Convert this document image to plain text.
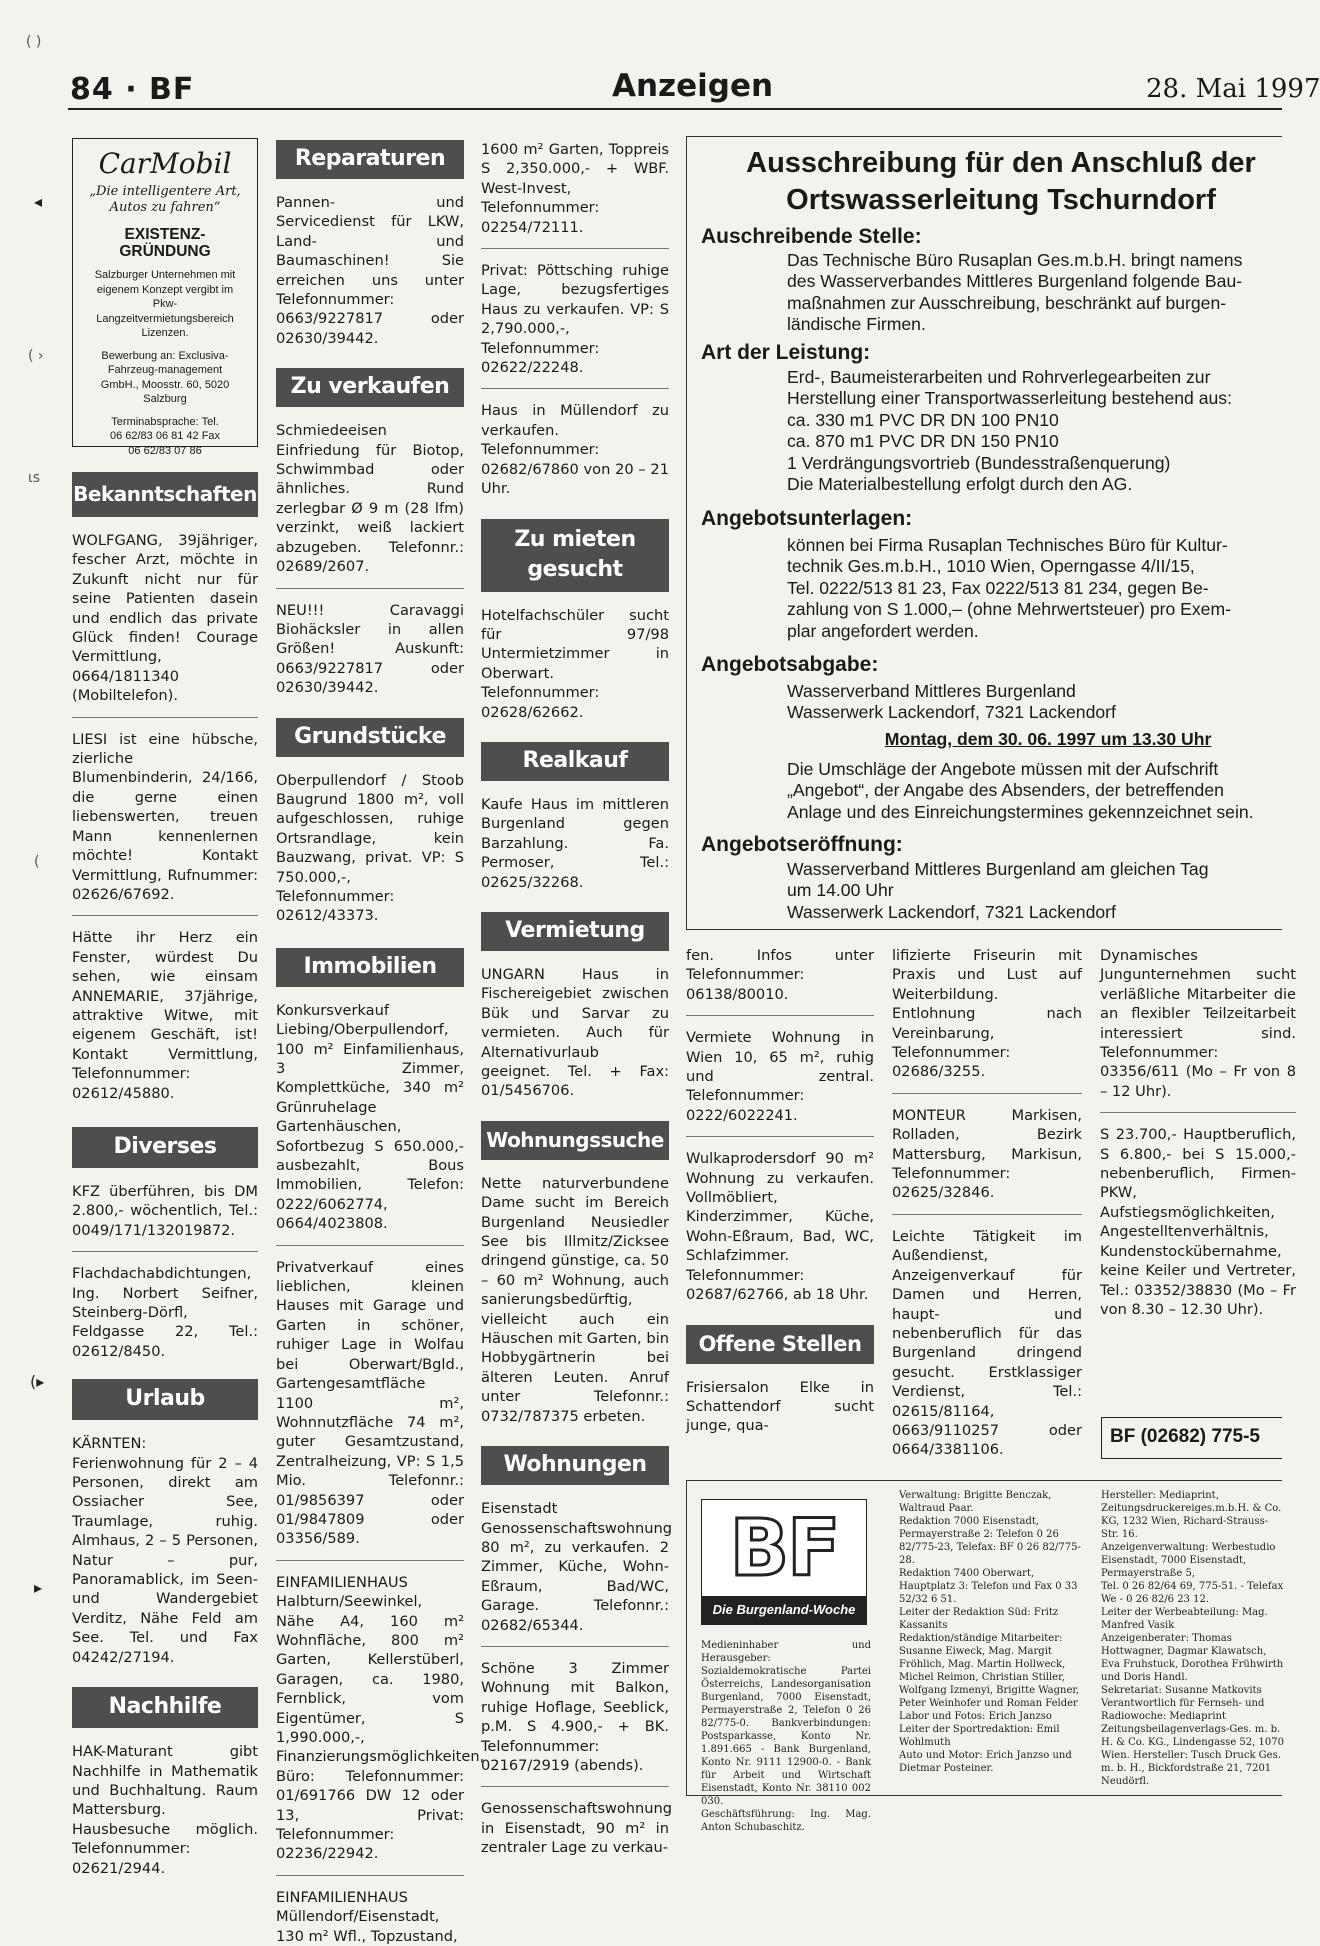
( )
◂
( ›
ιs
(
(▸
▸
84 · BF	Anzeigen	28. Mai 1997
CarMobil
„Die intelligentere Art, Autos zu fahren“
EXISTENZ-GRÜNDUNG
Salzburger Unternehmen mit eigenem Konzept vergibt im Pkw-Langzeitvermietungsbereich Lizenzen.
Bewerbung an: Exclusiva-Fahrzeug-management GmbH., Moosstr. 60, 5020 Salzburg
Terminabsprache: Tel. 06 62/83 06 81 42 Fax 06 62/83 07 86
Bekanntschaften

WOLFGANG, 39jähriger, fescher Arzt, möchte in Zukunft nicht nur für seine Patienten dasein und endlich das private Glück finden! Courage Vermittlung, 0664/1811340 (Mobiltelefon).

LIESI ist eine hübsche, zierliche Blumenbinderin, 24/166, die gerne einen liebenswerten, treuen Mann kennenlernen möchte! Kontakt Vermittlung, Rufnummer: 02626/67692.

Hätte ihr Herz ein Fenster, würdest Du sehen, wie einsam ANNEMARIE, 37jährige, attraktive Witwe, mit eigenem Geschäft, ist! Kontakt Vermittlung, Telefonnummer: 02612/45880.

Diverses

KFZ überführen, bis DM 2.800,- wöchentlich, Tel.: 0049/171/132019872.

Flachdachabdichtungen, Ing. Norbert Seifner, Steinberg-Dörfl, Feldgasse 22, Tel.: 02612/8450.

Urlaub

KÄRNTEN: Ferienwohnung für 2 – 4 Personen, direkt am Ossiacher See, Traumlage, ruhig. Almhaus, 2 – 5 Personen, Natur – pur, Panoramablick, im Seen- und Wandergebiet Verditz, Nähe Feld am See. Tel. und Fax 04242/27194.

Nachhilfe

HAK-Maturant gibt Nachhilfe in Mathematik und Buchhaltung. Raum Mattersburg. Hausbesuche möglich. Telefonnummer: 02621/2944.

Reparaturen

Pannen- und Servicedienst für LKW, Land- und Baumaschinen! Sie erreichen uns unter Telefonnummer: 0663/9227817 oder 02630/39442.

Zu verkaufen

Schmiedeeisen Einfriedung für Biotop, Schwimmbad oder ähnliches. Rund zerlegbar Ø 9 m (28 lfm) verzinkt, weiß lackiert abzugeben. Telefonnr.: 02689/2607.

NEU!!! Caravaggi Biohäcksler in allen Größen! Auskunft: 0663/9227817 oder 02630/39442.

Grundstücke

Oberpullendorf / Stoob Baugrund 1800 m², voll aufgeschlossen, ruhige Ortsrandlage, kein Bauzwang, privat. VP: S 750.000,-, Telefonnummer: 02612/43373.

Immobilien

Konkursverkauf Liebing/Oberpullendorf, 100 m² Einfamilienhaus, 3 Zimmer, Komplettküche, 340 m² Grünruhelage Gartenhäuschen, Sofortbezug S 650.000,- ausbezahlt, Bous Immobilien, Telefon: 0222/6062774, 0664/4023808.

Privatverkauf eines lieblichen, kleinen Hauses mit Garage und Garten in schöner, ruhiger Lage in Wolfau bei Oberwart/Bgld., Gartengesamtfläche 1100 m², Wohnnutzfläche 74 m², guter Gesamtzustand, Zentralheizung, VP: S 1,5 Mio. Telefonnr.: 01/9856397 oder 01/9847809 oder 03356/589.

EINFAMILIENHAUS Halbturn/Seewinkel, Nähe A4, 160 m² Wohnfläche, 800 m² Garten, Kellerstüberl, Garagen, ca. 1980, Fernblick, vom Eigentümer, S 1,990.000,-, Finanzierungsmöglichkeiten, Büro: Telefonnummer: 01/691766 DW 12 oder 13, Privat: Telefonnummer: 02236/22942.

EINFAMILIENHAUS Müllendorf/Eisenstadt, 130 m² Wfl., Topzustand,

1600 m² Garten, Toppreis S 2,350.000,- + WBF. West-Invest, Telefonnummer: 02254/72111.

Privat: Pöttsching ruhige Lage, bezugsfertiges Haus zu verkaufen. VP: S 2,790.000,-, Telefonnummer: 02622/22248.

Haus in Müllendorf zu verkaufen. Telefonnummer: 02682/67860 von 20 – 21 Uhr.

Zu mieten
gesucht

Hotelfachschüler sucht für 97/98 Untermietzimmer in Oberwart. Telefonnummer: 02628/62662.

Realkauf

Kaufe Haus im mittleren Burgenland gegen Barzahlung. Fa. Permoser, Tel.: 02625/32268.

Vermietung

UNGARN Haus in Fischereigebiet zwischen Bük und Sarvar zu vermieten. Auch für Alternativurlaub geeignet. Tel. + Fax: 01/5456706.

Wohnungssuche

Nette naturverbundene Dame sucht im Bereich Burgenland Neusiedler See bis Illmitz/Zicksee dringend günstige, ca. 50 – 60 m² Wohnung, auch sanierungsbedürftig, vielleicht auch ein Häuschen mit Garten, bin Hobbygärtnerin bei älteren Leuten. Anruf unter Telefonnr.: 0732/787375 erbeten.

Wohnungen

Eisenstadt Genossenschaftswohnung 80 m², zu verkaufen. 2 Zimmer, Küche, Wohn-Eßraum, Bad/WC, Garage. Telefonnr.: 02682/65344.

Schöne 3 Zimmer Wohnung mit Balkon, ruhige Hoflage, Seeblick, p.M. S 4.900,- + BK. Telefonnummer: 02167/2919 (abends).

Genossenschaftswohnung in Eisenstadt, 90 m² in zentraler Lage zu verkau-

Ausschreibung für den Anschluß der
Ortswasserleitung Tschurndorf
Auschreibende Stelle:
Das Technische Büro Rusaplan Ges.m.b.H. bringt namens
des Wasserverbandes Mittleres Burgenland folgende Bau-
maßnahmen zur Ausschreibung, beschränkt auf burgen-
ländische Firmen.
Art der Leistung:
Erd-, Baumeisterarbeiten und Rohrverlegearbeiten zur
Herstellung einer Transportwasserleitung bestehend aus:
ca. 330 m1 PVC DR DN 100 PN10
ca. 870 m1 PVC DR DN 150 PN10
1 Verdrängungsvortrieb (Bundesstraßenquerung)
Die Materialbestellung erfolgt durch den AG.
Angebotsunterlagen:
können bei Firma Rusaplan Technisches Büro für Kultur-
technik Ges.m.b.H., 1010 Wien, Operngasse 4/II/15,
Tel. 0222/513 81 23, Fax 0222/513 81 234, gegen Be-
zahlung von S 1.000,– (ohne Mehrwertsteuer) pro Exem-
plar angefordert werden.
Angebotsabgabe:
Wasserverband Mittleres Burgenland
Wasserwerk Lackendorf, 7321 Lackendorf
Montag, dem 30. 06. 1997 um 13.30 Uhr
Die Umschläge der Angebote müssen mit der Aufschrift
„Angebot“, der Angabe des Absenders, der betreffenden
Anlage und des Einreichungstermines gekennzeichnet sein.
Angebotseröffnung:
Wasserverband Mittleres Burgenland am gleichen Tag
um 14.00 Uhr
Wasserwerk Lackendorf, 7321 Lackendorf

fen. Infos unter Telefonnummer: 06138/80010.

Vermiete Wohnung in Wien 10, 65 m², ruhig und zentral. Telefonnummer: 0222/6022241.

Wulkaprodersdorf 90 m² Wohnung zu verkaufen. Vollmöbliert, Kinderzimmer, Küche, Wohn-Eßraum, Bad, WC, Schlafzimmer. Telefonnummer: 02687/62766, ab 18 Uhr.

Offene Stellen

Frisiersalon Elke in Schattendorf sucht junge, qua-

lifizierte Friseurin mit Praxis und Lust auf Weiterbildung. Entlohnung nach Vereinbarung, Telefonnummer: 02686/3255.

MONTEUR Markisen, Rolladen, Bezirk Mattersburg, Markisun, Telefonnummer: 02625/32846.

Leichte Tätigkeit im Außendienst, Anzeigenverkauf für Damen und Herren, haupt- und nebenberuflich für das Burgenland dringend gesucht. Erstklassiger Verdienst, Tel.: 02615/81164, 0663/9110257 oder 0664/3381106.

Dynamisches Jungunternehmen sucht verläßliche Mitarbeiter die an flexibler Teilzeitarbeit interessiert sind. Telefonnummer: 03356/611 (Mo – Fr von 8 – 12 Uhr).

S 23.700,- Hauptberuflich, S 6.800,- bei S 15.000,- nebenberuflich, Firmen-PKW, Aufstiegsmöglichkeiten, Angestelltenverhältnis, Kundenstockübernahme, keine Keiler und Vertreter, Tel.: 03352/38830 (Mo – Fr von 8.30 – 12.30 Uhr).

BF (02682) 775-5
BF
Die Burgenland-Woche
Medieninhaber und Herausgeber: Sozialdemokratische Partei Österreichs, Landesorganisation Burgenland, 7000 Eisenstadt, Permayerstraße 2, Telefon 0 26 82/775-0. Bankverbindungen: Postsparkasse, Konto Nr. 1.891.665 - Bank Burgenland, Konto Nr. 9111 12900-0. - Bank für Arbeit und Wirtschaft Eisenstadt, Konto Nr. 38110 002 030.
Geschäftsführung: Ing. Mag. Anton Schubaschitz.
Verwaltung: Brigitte Benczak, Waltraud Paar.
Redaktion 7000 Eisenstadt, Permayerstraße 2: Telefon 0 26 82/775-23, Telefax: BF 0 26 82/775-28.
Redaktion 7400 Oberwart, Hauptplatz 3: Telefon und Fax 0 33 52/32 6 51.
Leiter der Redaktion Süd: Fritz Kassanits
Redaktion/ständige Mitarbeiter: Susanne Eiweck, Mag. Margit Fröhlich, Mag. Martin Hollweck, Michel Reimon, Christian Stiller, Wolfgang Izmenyi, Brigitte Wagner, Peter Weinhofer und Roman Felder
Labor und Fotos: Erich Janzso
Leiter der Sportredaktion: Emil Wohlmuth
Auto und Motor: Erich Janzso und Dietmar Posteiner.
Hersteller: Mediaprint, Zeitungsdruckereiges.m.b.H. & Co. KG, 1232 Wien, Richard-Strauss-Str. 16.
Anzeigenverwaltung: Werbestudio Eisenstadt, 7000 Eisenstadt, Permayerstraße 5,
Tel. 0 26 82/64 69, 775-51. - Telefax We - 0 26 82/6 23 12.
Leiter der Werbeabteilung: Mag. Manfred Vasik
Anzeigenberater: Thomas Hottwagner, Dagmar Klawatsch, Eva Fruhstuck, Dorothea Frühwirth und Doris Handl.
Sekretariat: Susanne Matkovits
Verantwortlich für Fernseh- und Radiowoche: Mediaprint Zeitungsbeilagenverlags-Ges. m. b. H. & Co. KG., Lindengasse 52, 1070 Wien. Hersteller: Tusch Druck Ges. m. b. H., Bickfordstraße 21, 7201 Neudörfl.
